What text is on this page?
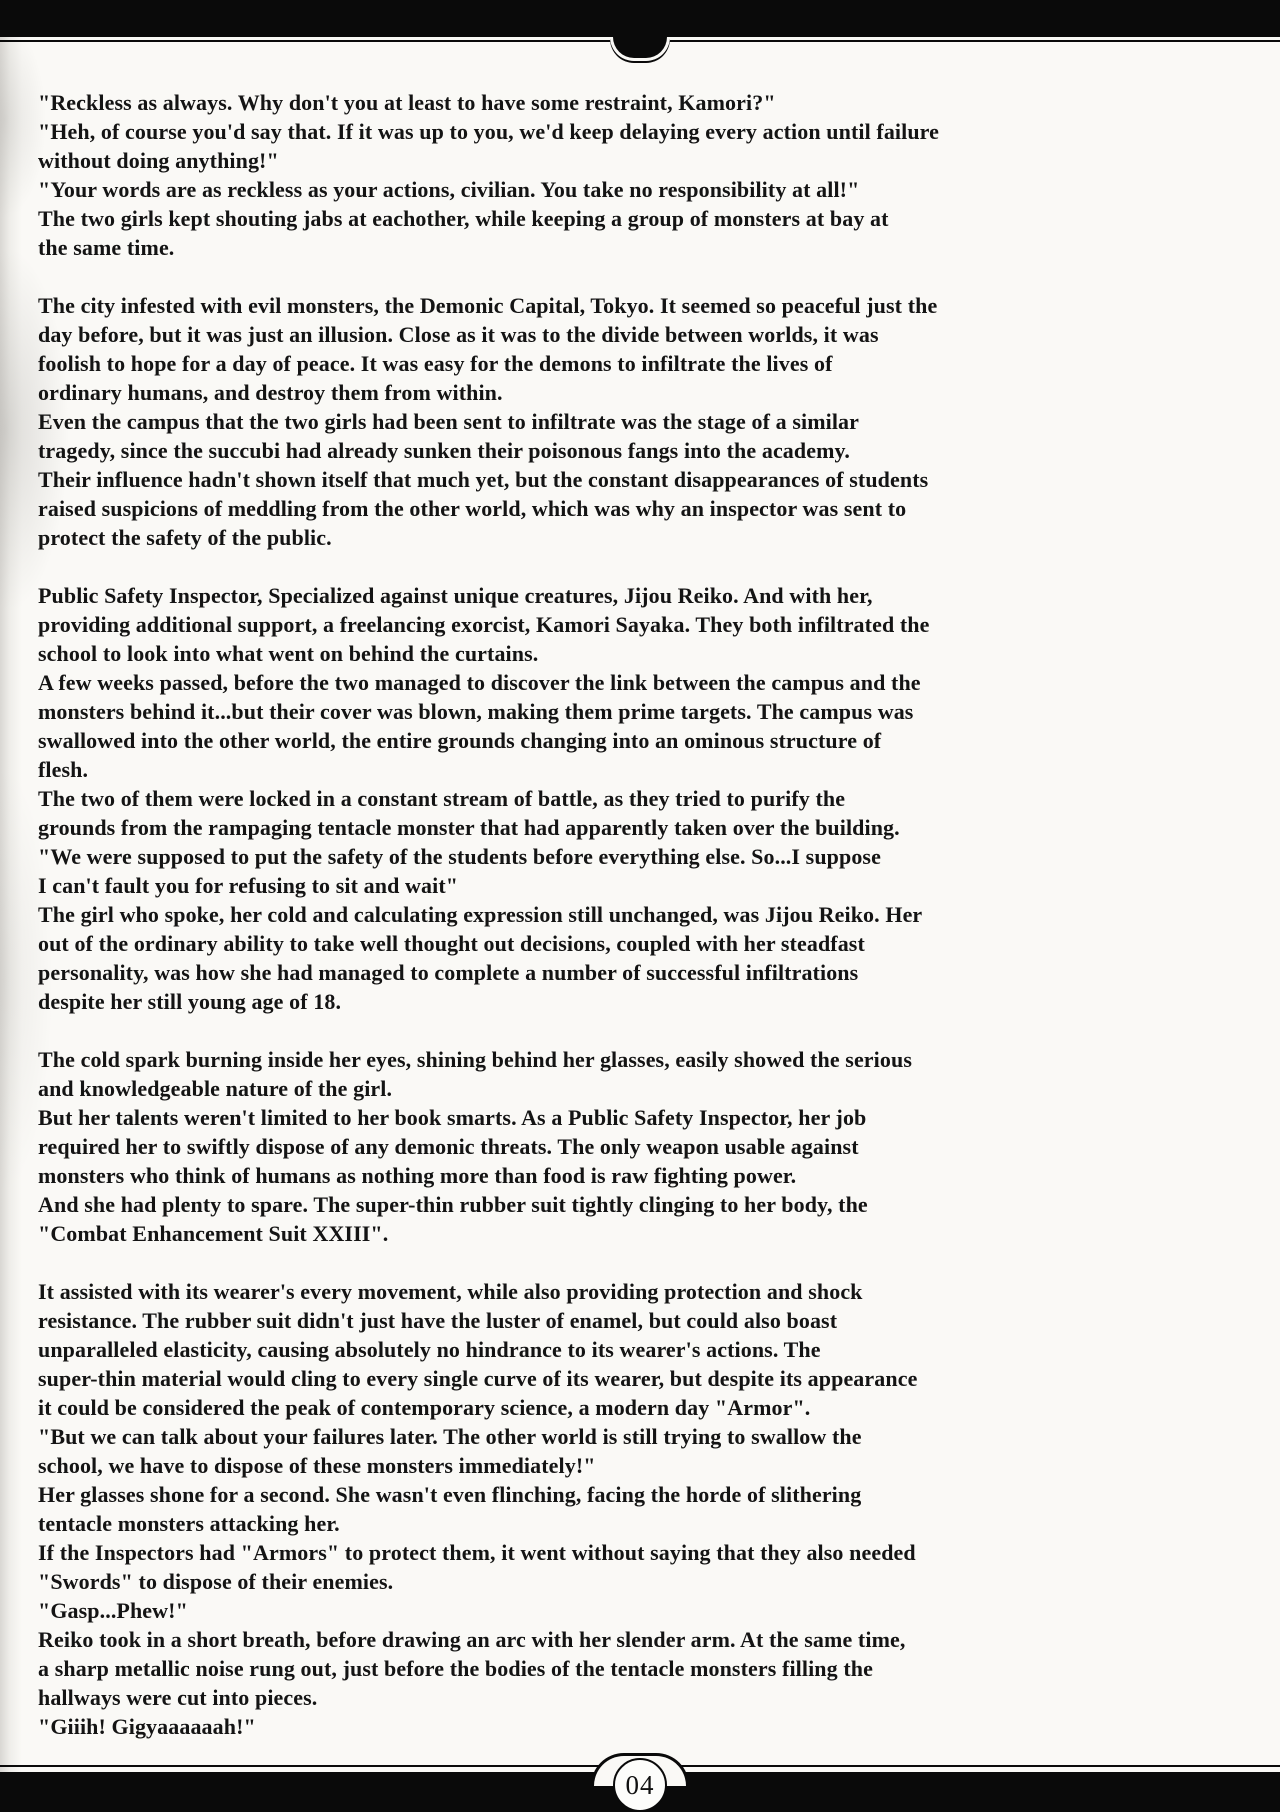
"Reckless as always. Why don't you at least to have some restraint, Kamori?"
"Heh, of course you'd say that. If it was up to you, we'd keep delaying every action until failure
without doing anything!"
"Your words are as reckless as your actions, civilian. You take no responsibility at all!"
The two girls kept shouting jabs at eachother, while keeping a group of monsters at bay at
the same time.
The city infested with evil monsters, the Demonic Capital, Tokyo. It seemed so peaceful just the
day before, but it was just an illusion. Close as it was to the divide between worlds, it was
foolish to hope for a day of peace. It was easy for the demons to infiltrate the lives of
ordinary humans, and destroy them from within.
Even the campus that the two girls had been sent to infiltrate was the stage of a similar
tragedy, since the succubi had already sunken their poisonous fangs into the academy.
Their influence hadn't shown itself that much yet, but the constant disappearances of students
raised suspicions of meddling from the other world, which was why an inspector was sent to
protect the safety of the public.
Public Safety Inspector, Specialized against unique creatures, Jijou Reiko. And with her,
providing additional support, a freelancing exorcist, Kamori Sayaka. They both infiltrated the
school to look into what went on behind the curtains.
A few weeks passed, before the two managed to discover the link between the campus and the
monsters behind it...but their cover was blown, making them prime targets. The campus was
swallowed into the other world, the entire grounds changing into an ominous structure of
flesh.
The two of them were locked in a constant stream of battle, as they tried to purify the
grounds from the rampaging tentacle monster that had apparently taken over the building.
"We were supposed to put the safety of the students before everything else. So...I suppose
I can't fault you for refusing to sit and wait"
The girl who spoke, her cold and calculating expression still unchanged, was Jijou Reiko. Her
out of the ordinary ability to take well thought out decisions, coupled with her steadfast
personality, was how she had managed to complete a number of successful infiltrations
despite her still young age of 18.
The cold spark burning inside her eyes, shining behind her glasses, easily showed the serious
and knowledgeable nature of the girl.
But her talents weren't limited to her book smarts. As a Public Safety Inspector, her job
required her to swiftly dispose of any demonic threats. The only weapon usable against
monsters who think of humans as nothing more than food is raw fighting power.
And she had plenty to spare. The super-thin rubber suit tightly clinging to her body, the
"Combat Enhancement Suit XXIII".
It assisted with its wearer's every movement, while also providing protection and shock
resistance. The rubber suit didn't just have the luster of enamel, but could also boast
unparalleled elasticity, causing absolutely no hindrance to its wearer's actions. The
super-thin material would cling to every single curve of its wearer, but despite its appearance
it could be considered the peak of contemporary science, a modern day "Armor".
"But we can talk about your failures later. The other world is still trying to swallow the
school, we have to dispose of these monsters immediately!"
Her glasses shone for a second. She wasn't even flinching, facing the horde of slithering
tentacle monsters attacking her.
If the Inspectors had "Armors" to protect them, it went without saying that they also needed
"Swords" to dispose of their enemies.
"Gasp...Phew!"
Reiko took in a short breath, before drawing an arc with her slender arm. At the same time,
a sharp metallic noise rung out, just before the bodies of the tentacle monsters filling the
hallways were cut into pieces.
"Giiih! Gigyaaaaaah!"
04
